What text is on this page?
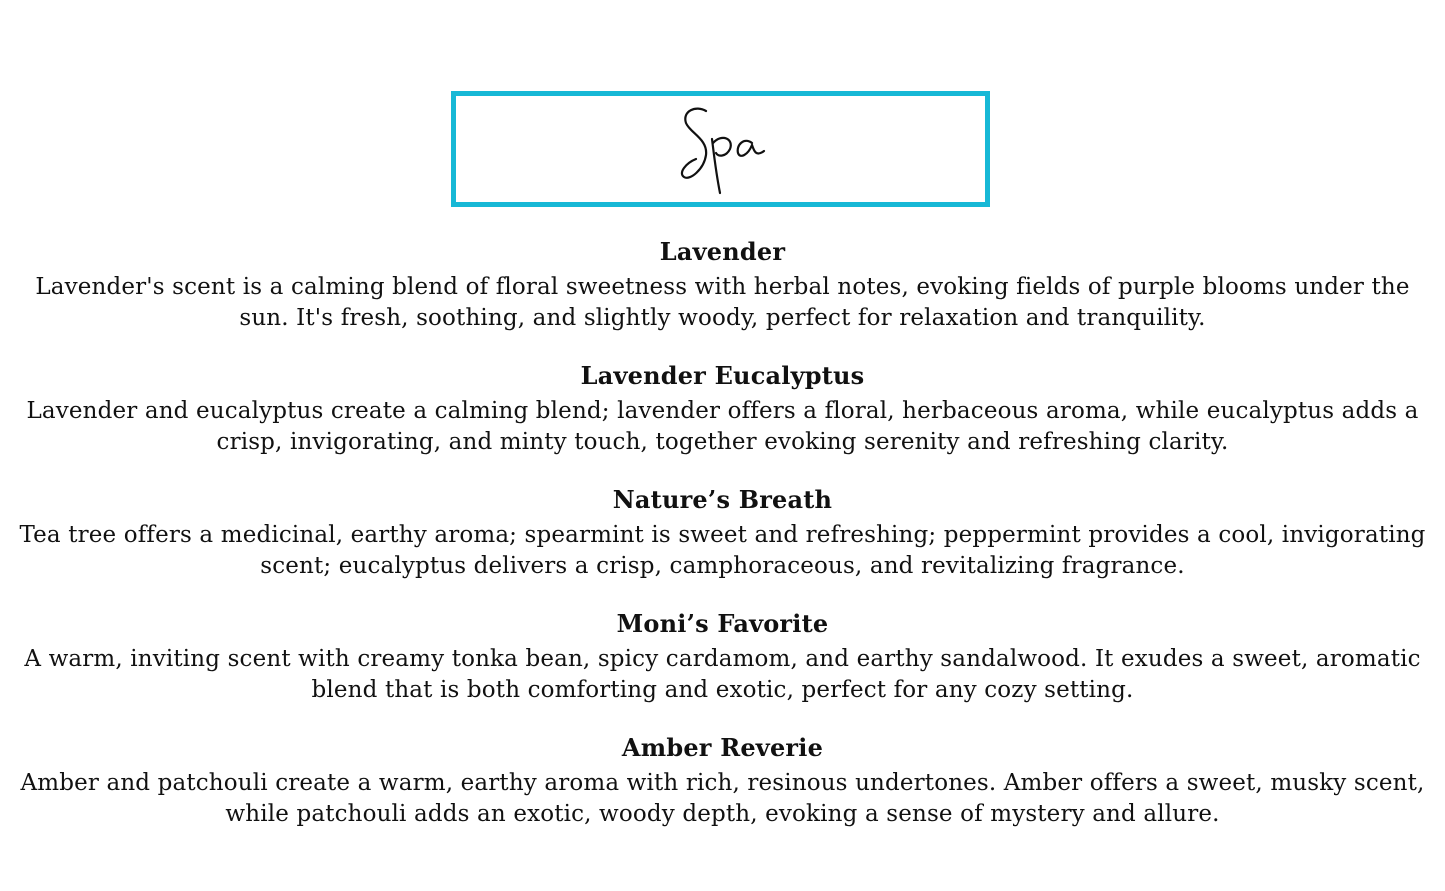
Lavender
Lavender's scent is a calming blend of floral sweetness with herbal notes, evoking fields of purple blooms under the sun. It's fresh, soothing, and slightly woody, perfect for relaxation and tranquility.
Lavender Eucalyptus
Lavender and eucalyptus create a calming blend; lavender offers a floral, herbaceous aroma, while eucalyptus adds a crisp, invigorating, and minty touch, together evoking serenity and refreshing clarity.
Nature’s Breath
Tea tree offers a medicinal, earthy aroma; spearmint is sweet and refreshing; peppermint provides a cool, invigorating scent; eucalyptus delivers a crisp, camphoraceous, and revitalizing fragrance.
Moni’s Favorite
A warm, inviting scent with creamy tonka bean, spicy cardamom, and earthy sandalwood. It exudes a sweet, aromatic blend that is both comforting and exotic, perfect for any cozy setting.
Amber Reverie
Amber and patchouli create a warm, earthy aroma with rich, resinous undertones. Amber offers a sweet, musky scent, while patchouli adds an exotic, woody depth, evoking a sense of mystery and allure.
